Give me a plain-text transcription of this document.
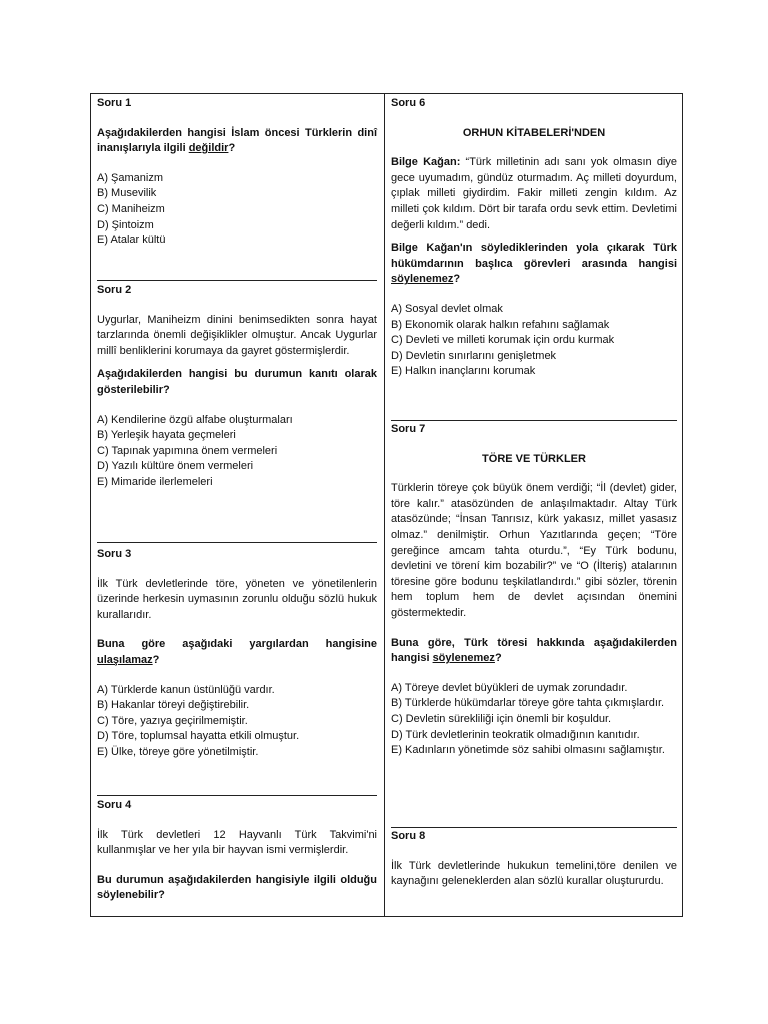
Soru 1
Aşağıdakilerden hangisi İslam öncesi Türklerin dinî inanışlarıyla ilgili değildir?
A) Şamanizm
B) Musevilik
C) Maniheizm
D) Şintoizm
E) Atalar kültü
Soru 2
Uygurlar, Maniheizm dinini benimsedikten sonra hayat tarzlarında önemli değişiklikler olmuştur. Ancak Uygurlar millî benliklerini korumaya da gayret göstermişlerdir.
Aşağıdakilerden hangisi bu durumun kanıtı olarak gösterilebilir?
A) Kendilerine özgü alfabe oluşturmaları
B) Yerleşik hayata geçmeleri
C) Tapınak yapımına önem vermeleri
D) Yazılı kültüre önem vermeleri
E) Mimaride ilerlemeleri
Soru 3
İlk Türk devletlerinde töre, yöneten ve yönetilenlerin üzerinde herkesin uymasının zorunlu olduğu sözlü hukuk kurallarıdır.
Buna göre aşağıdaki yargılardan hangisine ulaşılamaz?
A) Türklerde kanun üstünlüğü vardır.
B) Hakanlar töreyi değiştirebilir.
C) Töre, yazıya geçirilmemiştir.
D) Töre, toplumsal hayatta etkili olmuştur.
E) Ülke, töreye göre yönetilmiştir.
Soru 4
İlk Türk devletleri 12 Hayvanlı Türk Takvimi'ni kullanmışlar ve her yıla bir hayvan ismi vermişlerdir.
Bu durumun aşağıdakilerden hangisiyle ilgili olduğu söylenebilir?
Soru 6
ORHUN KİTABELERİ'NDEN
Bilge Kağan: “Türk milletinin adı sanı yok olmasın diye gece uyumadım, gündüz oturmadım. Aç milleti doyurdum, çıplak milleti giydirdim. Fakir milleti zengin kıldım. Az milleti çok kıldım. Dört bir tarafa ordu sevk ettim. Devletimi değerli kıldım.” dedi.
Bilge Kağan'ın söylediklerinden yola çıkarak Türk hükümdarının başlıca görevleri arasında hangisi söylenemez?
A) Sosyal devlet olmak
B) Ekonomik olarak halkın refahını sağlamak
C) Devleti ve milleti korumak için ordu kurmak
D) Devletin sınırlarını genişletmek
E) Halkın inançlarını korumak
Soru 7
TÖRE VE TÜRKLER
Türklerin töreye çok büyük önem verdiği; “İl (devlet) gider, töre kalır.” atasözünden de anlaşılmaktadır. Altay Türk atasözünde; “İnsan Tanrısız, kürk yakasız, millet yasasız olmaz.” denilmiştir. Orhun Yazıtlarında geçen; “Töre gereğince amcam tahta oturdu.”, “Ey Türk bodunu, devletini ve törení kim bozabilir?” ve “O (İlteriş) atalarının töresine göre bodunu teşkilatlandırdı.” gibi sözler, törenin hem toplum hem de devlet açısından önemini göstermektedir.
Buna göre, Türk töresi hakkında aşağıdakilerden hangisi söylenemez?
A) Töreye devlet büyükleri de uymak zorundadır.
B) Türklerde hükümdarlar töreye göre tahta çıkmışlardır.
C) Devletin sürekliliği için önemli bir koşuldur.
D) Türk devletlerinin teokratik olmadığının kanıtıdır.
E) Kadınların yönetimde söz sahibi olmasını sağlamıştır.
Soru 8
İlk Türk devletlerinde hukukun temelini,töre denilen ve kaynağını geleneklerden alan sözlü kurallar oluştururdu.
